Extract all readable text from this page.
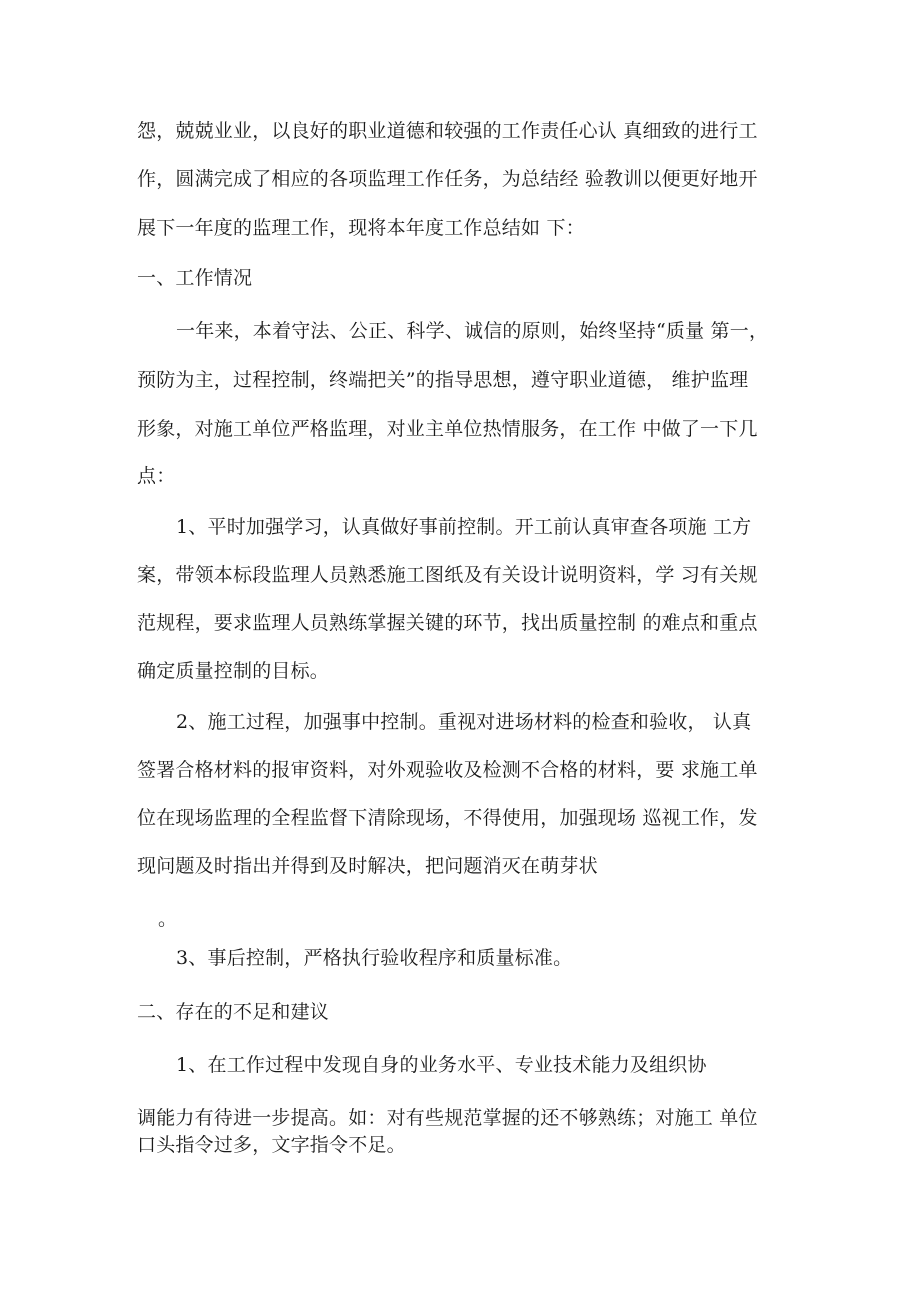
怨，兢兢业业，以良好的职业道德和较强的工作责任心认 真细致的进行工
作，圆满完成了相应的各项监理工作任务，为总结经 验教训以便更好地开
展下一年度的监理工作，现将本年度工作总结如 下：
一、工作情况
一年来，本着守法、公正、科学、诚信的原则，始终坚持“质量 第一，
预防为主，过程控制，终端把关”的指导思想，遵守职业道德， 维护监理
形象，对施工单位严格监理，对业主单位热情服务，在工作 中做了一下几
点：
1、平时加强学习，认真做好事前控制。开工前认真审查各项施 工方
案，带领本标段监理人员熟悉施工图纸及有关设计说明资料，学 习有关规
范规程，要求监理人员熟练掌握关键的环节，找出质量控制 的难点和重点
确定质量控制的目标。
2、施工过程，加强事中控制。重视对进场材料的检查和验收， 认真
签署合格材料的报审资料，对外观验收及检测不合格的材料，要 求施工单
位在现场监理的全程监督下清除现场，不得使用，加强现场 巡视工作，发
现问题及时指出并得到及时解决，把问题消灭在萌芽状
。
3、事后控制，严格执行验收程序和质量标准。
二、存在的不足和建议
1、在工作过程中发现自身的业务水平、专业技术能力及组织协
调能力有待进一步提高。如：对有些规范掌握的还不够熟练；对施工 单位
口头指令过多，文字指令不足。
